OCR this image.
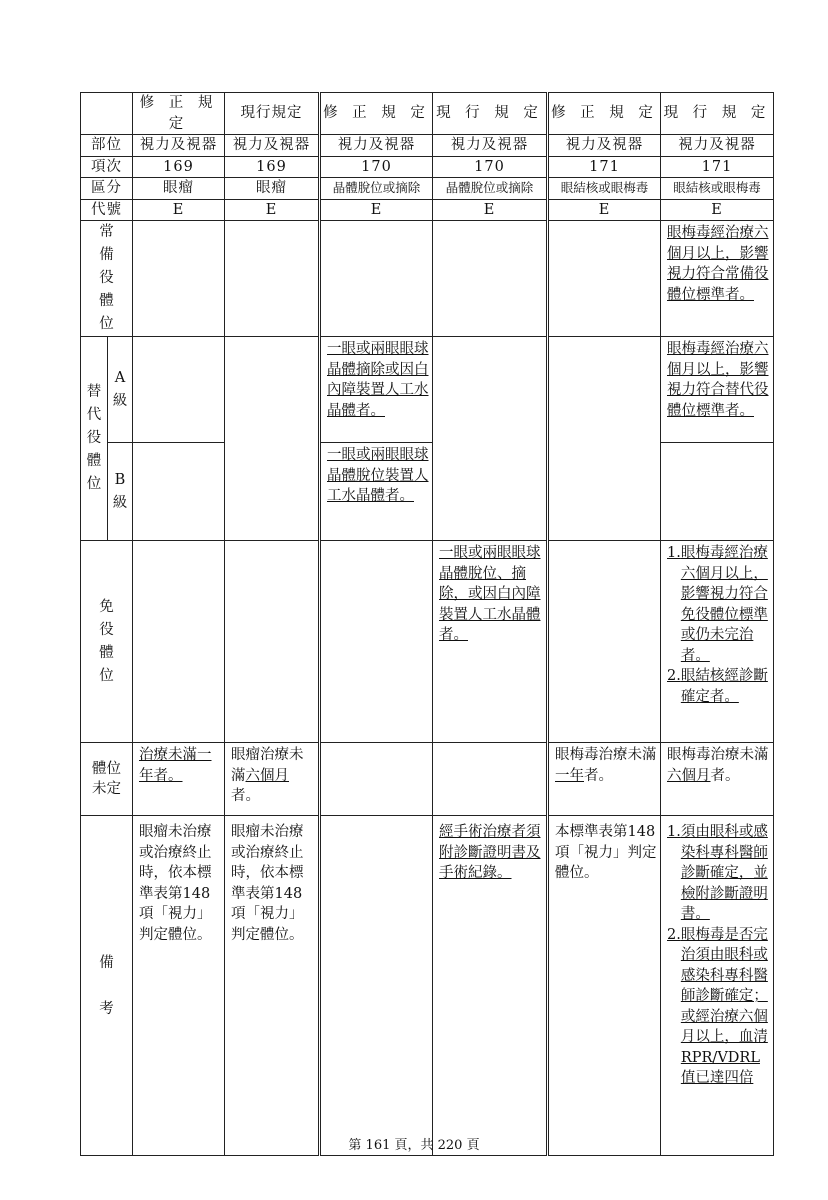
		修 正 規 定	現行規定	修 正 規 定	現 行 規 定	修 正 規 定	現 行 規 定
部位		視力及視器	視力及視器	視力及視器	視力及視器	視力及視器	視力及視器
項次		169	169	170	170	171	171
區分		眼瘤	眼瘤	晶體脫位或摘除	晶體脫位或摘除	眼結核或眼梅毒	眼結核或眼梅毒
代號		E	E	E	E	E	E
常備役體位							眼梅毒經治療六個月以上，影響視力符合常備役體位標準者。

替代役體位	A級			一眼或兩眼眼球晶體摘除或因白內障裝置人工水晶體者。			眼梅毒經治療六個月以上，影響視力符合替代役體位標準者。

	B級			一眼或兩眼眼球晶體脫位裝置人工水晶體者。			

免役體位					一眼或兩眼眼球晶體脫位、摘除，或因白內障裝置人工水晶體者。		1. 眼梅毒經治療六個月以上，影響視力符合免役體位標準或仍未完治者。
2. 眼結核經診斷確定者。

體位未定		治療未滿一年者。	眼瘤治療未滿六個月者。			眼梅毒治療未滿一年者。	眼梅毒治療未滿六個月者。

備考		眼瘤未治療或治療終止時，依本標準表第148項「視力」判定體位。	眼瘤未治療或治療終止時，依本標準表第148項「視力」判定體位。		經手術治療者須附診斷證明書及手術紀錄。	本標準表第148項「視力」判定體位。	1. 須由眼科或感染科專科醫師診斷確定，並檢附診斷證明書。
2. 眼梅毒是否完治須由眼科或感染科專科醫師診斷確定；或經治療六個月以上，血清RPR/VDRL值已達四倍
第 161 頁，共 220 頁
